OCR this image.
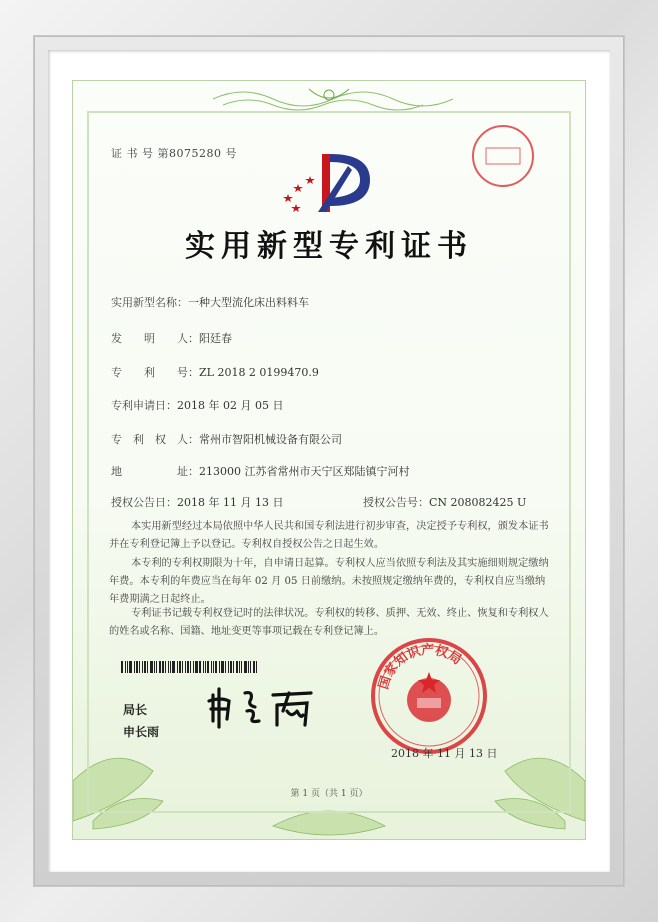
证 书 号 第8075280 号
实用新型专利证书
实用新型名称：一种大型流化床出料料车
发　　明　　人：阳廷春
专　　利　　号：ZL 2018 2 0199470.9
专利申请日：2018 年 02 月 05 日
专　利　权　人：常州市智阳机械设备有限公司
地　　　　　址：213000 江苏省常州市天宁区郑陆镇宁河村
授权公告日：2018 年 11 月 13 日	授权公告号：CN 208082425 U
本实用新型经过本局依照中华人民共和国专利法进行初步审查，决定授予专利权，颁发本证书并在专利登记簿上予以登记。专利权自授权公告之日起生效。
本专利的专利权期限为十年，自申请日起算。专利权人应当依照专利法及其实施细则规定缴纳年费。本专利的年费应当在每年 02 月 05 日前缴纳。未按照规定缴纳年费的，专利权自应当缴纳年费期满之日起终止。
专利证书记载专利权登记时的法律状况。专利权的转移、质押、无效、终止、恢复和专利权人的姓名或名称、国籍、地址变更等事项记载在专利登记簿上。
局长
申长雨
国家知识产权局
2018 年 11 月 13 日
第 1 页（共 1 页）
